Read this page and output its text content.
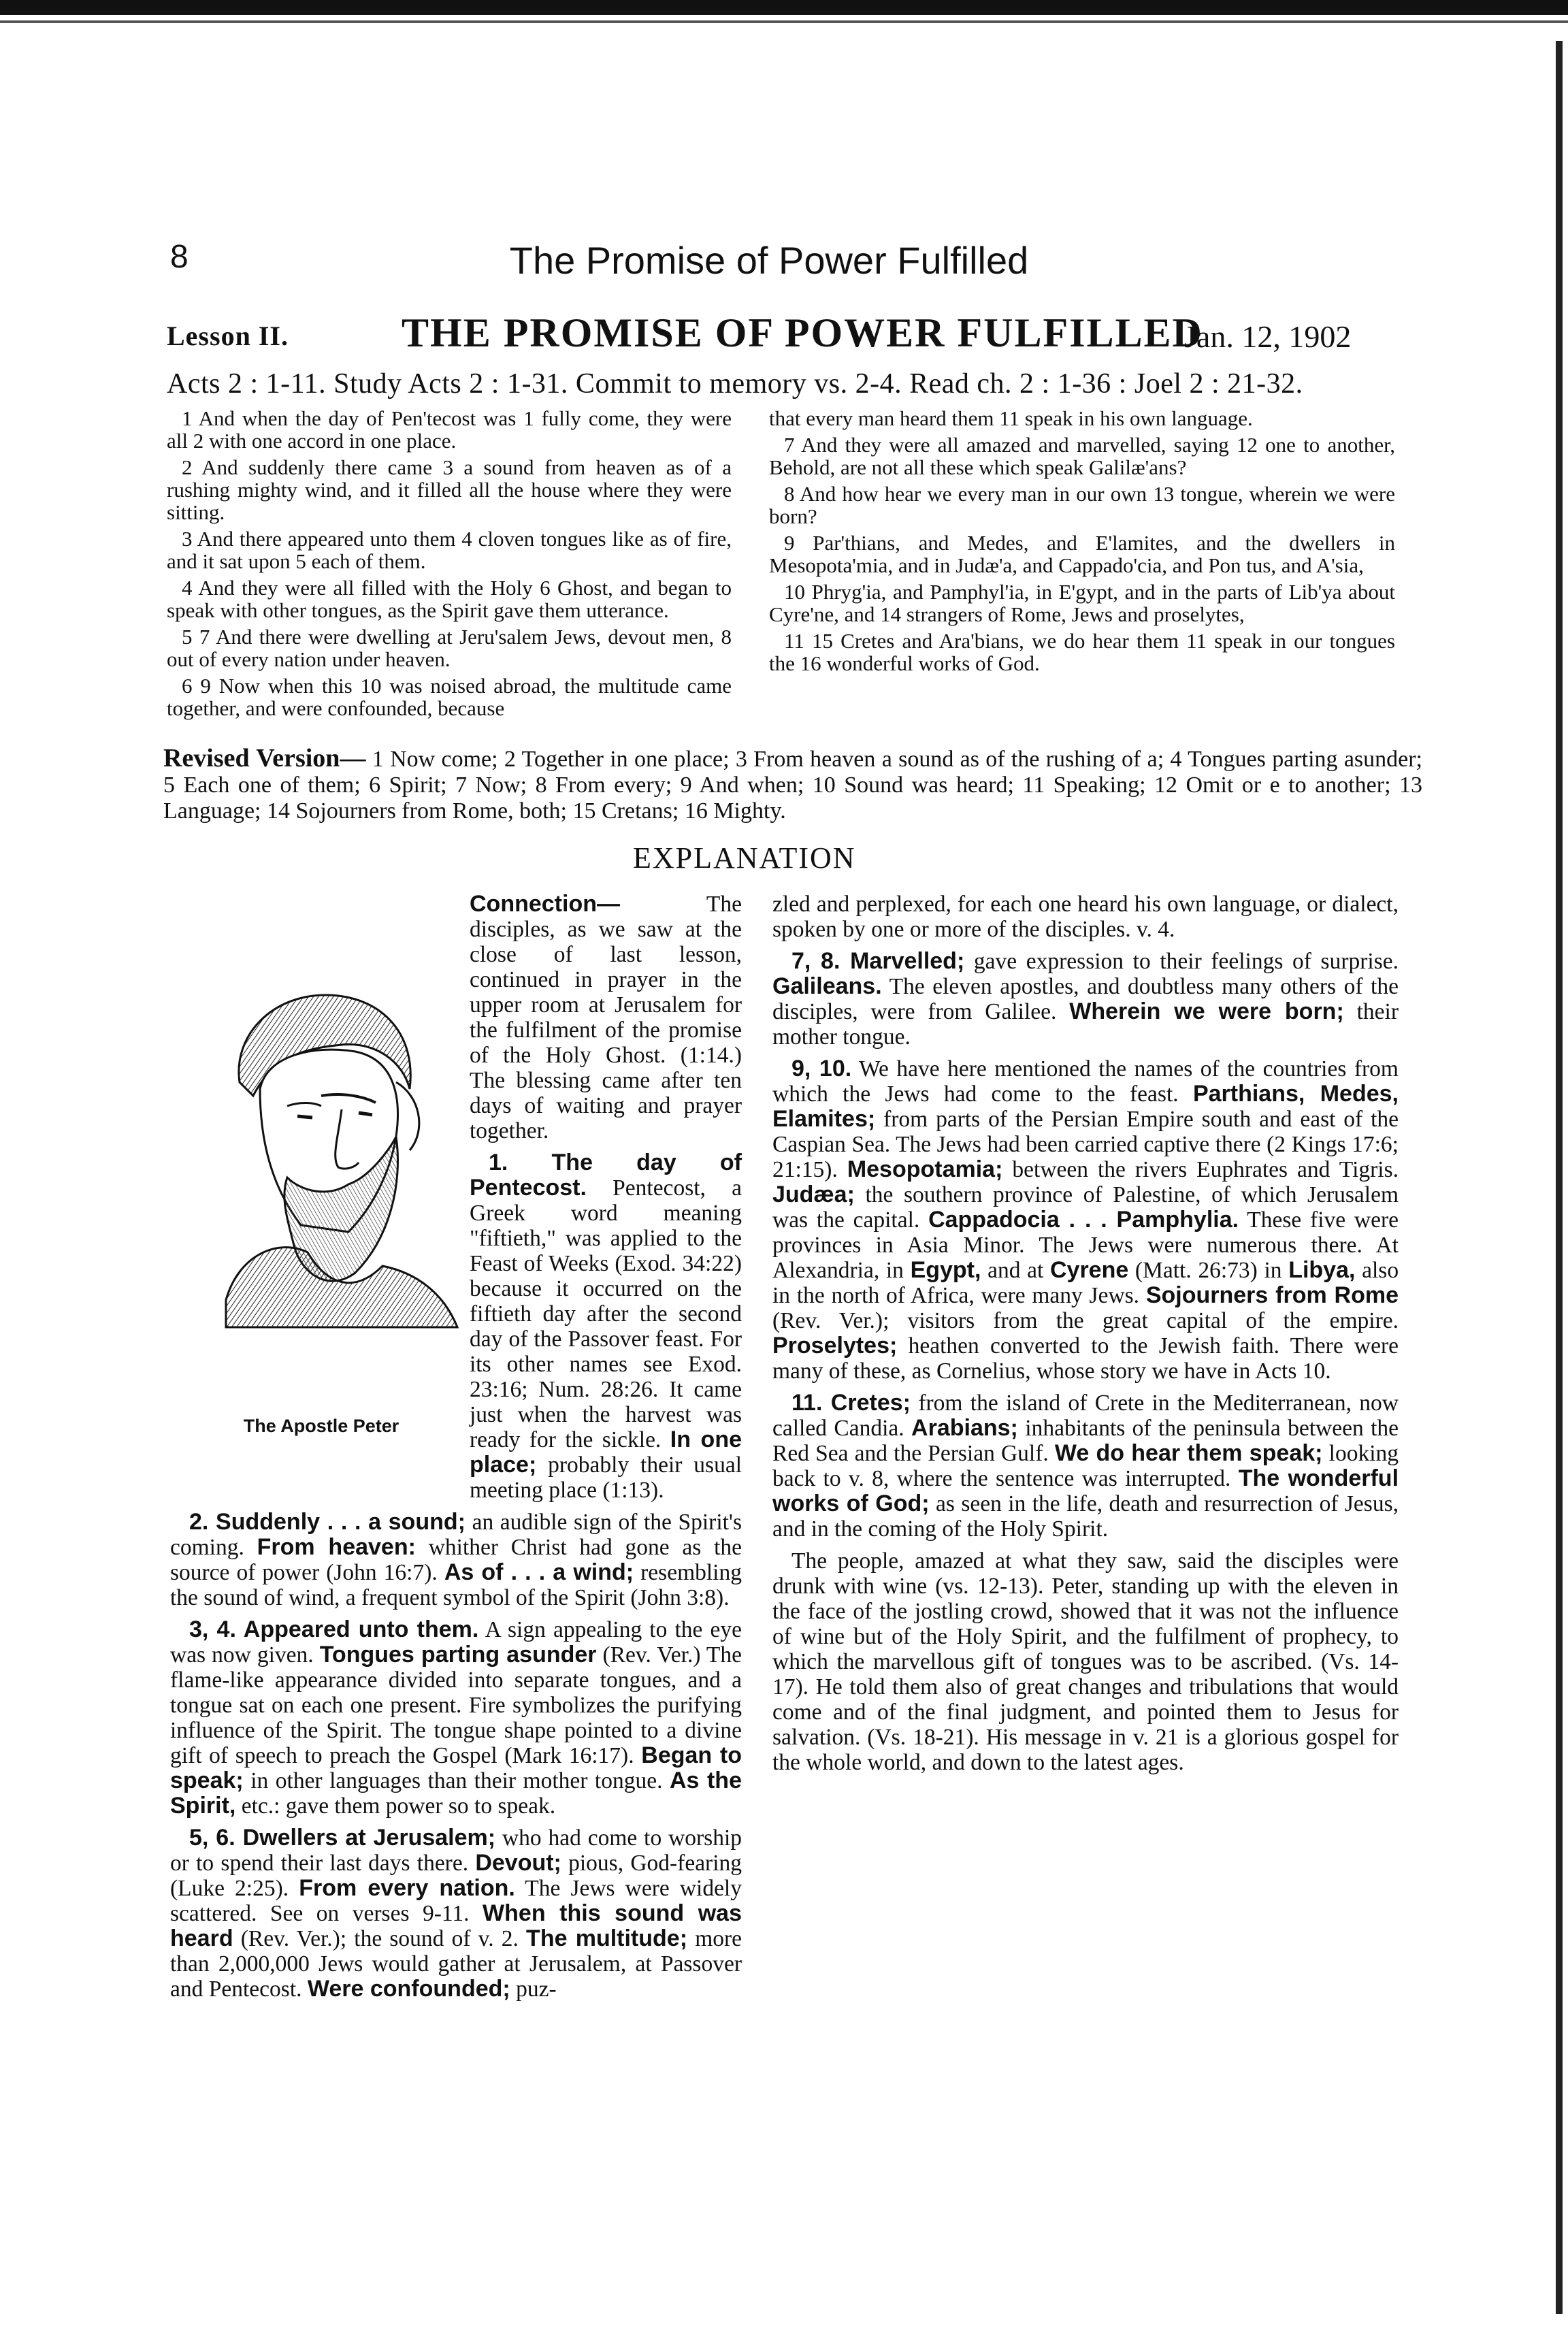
8	The Promise of Power Fulfilled
Lesson II.	THE PROMISE OF POWER FULFILLED
Jan. 12, 1902
Acts 2 : 1-11. Study Acts 2 : 1-31. Commit to memory vs. 2-4. Read ch. 2 : 1-36 : Joel 2 : 21-32.

1 And when the day of Pen'tecost was 1 fully come, they were all 2 with one accord in one place.

2 And suddenly there came 3 a sound from heaven as of a rushing mighty wind, and it filled all the house where they were sitting.

3 And there appeared unto them 4 cloven tongues like as of fire, and it sat upon 5 each of them.

4 And they were all filled with the Holy 6 Ghost, and began to speak with other tongues, as the Spirit gave them utterance.

5 7 And there were dwelling at Jeru'salem Jews, devout men, 8 out of every nation under heaven.

6 9 Now when this 10 was noised abroad, the multitude came together, and were confounded, because

that every man heard them 11 speak in his own language.

7 And they were all amazed and marvelled, saying 12 one to another, Behold, are not all these which speak Galilæ'ans?

8 And how hear we every man in our own 13 tongue, wherein we were born?

9 Par'thians, and Medes, and E'lamites, and the dwellers in Mesopota'mia, and in Judæ'a, and Cappado'cia, and Pon tus, and A'sia,

10 Phryg'ia, and Pamphyl'ia, in E'gypt, and in the parts of Lib'ya about Cyre'ne, and 14 strangers of Rome, Jews and proselytes,

11 15 Cretes and Ara'bians, we do hear them 11 speak in our tongues the 16 wonderful works of God.

Revised Version— 1 Now come; 2 Together in one place; 3 From heaven a sound as of the rushing of a; 4 Tongues parting asunder; 5 Each one of them; 6 Spirit; 7 Now; 8 From every; 9 And when; 10 Sound was heard; 11 Speaking; 12 Omit or e to another; 13 Language; 14 Sojourners from Rome, both; 15 Cretans; 16 Mighty.
EXPLANATION

Connection—	The disciples, as we saw at the close of last lesson, continued in prayer in the upper room at Jerusalem for the fulfilment of the promise of the Holy Ghost. (1:14.) The blessing came after ten days of waiting and prayer together.

1. The day of Pentecost. Pentecost, a Greek word meaning "fiftieth," was applied to the Feast of Weeks (Exod. 34:22) because it occurred on the fiftieth day after the second day of the Passover feast. For its other names see Exod. 23:16; Num. 28:26. It came just when the harvest was ready for the sickle. In one place; probably their usual meeting place (1:13).

2. Suddenly . . . a sound; an audible sign of the Spirit's coming. From heaven: whither Christ had gone as the source of power (John 16:7). As of . . . a wind; resembling the sound of wind, a frequent symbol of the Spirit (John 3:8).

3, 4. Appeared unto them. A sign appealing to the eye was now given. Tongues parting asunder (Rev. Ver.) The flame-like appearance divided into separate tongues, and a tongue sat on each one present. Fire symbolizes the purifying influence of the Spirit. The tongue shape pointed to a divine gift of speech to preach the Gospel (Mark 16:17). Began to speak; in other languages than their mother tongue. As the Spirit, etc.: gave them power so to speak.

5, 6. Dwellers at Jerusalem; who had come to worship or to spend their last days there. Devout; pious, God-fearing (Luke 2:25). From every nation. The Jews were widely scattered. See on verses 9-11. When this sound was heard (Rev. Ver.); the sound of v. 2. The multitude; more than 2,000,000 Jews would gather at Jerusalem, at Passover and Pentecost. Were confounded; puz-

The Apostle Peter

zled and perplexed, for each one heard his own language, or dialect, spoken by one or more of the disciples. v. 4.

7, 8. Marvelled; gave expression to their feelings of surprise. Galileans. The eleven apostles, and doubtless many others of the disciples, were from Galilee. Wherein we were born; their mother tongue.

9, 10. We have here mentioned the names of the countries from which the Jews had come to the feast. Parthians, Medes, Elamites; from parts of the Persian Empire south and east of the Caspian Sea. The Jews had been carried captive there (2 Kings 17:6; 21:15). Mesopotamia; between the rivers Euphrates and Tigris. Judæa; the southern province of Palestine, of which Jerusalem was the capital. Cappadocia . . . Pamphylia. These five were provinces in Asia Minor. The Jews were numerous there. At Alexandria, in Egypt, and at Cyrene (Matt. 26:73) in Libya, also in the north of Africa, were many Jews. Sojourners from Rome (Rev. Ver.); visitors from the great capital of the empire. Proselytes; heathen converted to the Jewish faith. There were many of these, as Cornelius, whose story we have in Acts 10.

11. Cretes; from the island of Crete in the Mediterranean, now called Candia. Arabians; inhabitants of the peninsula between the Red Sea and the Persian Gulf. We do hear them speak; looking back to v. 8, where the sentence was interrupted. The wonderful works of God; as seen in the life, death and resurrection of Jesus, and in the coming of the Holy Spirit.

The people, amazed at what they saw, said the disciples were drunk with wine (vs. 12-13). Peter, standing up with the eleven in the face of the jostling crowd, showed that it was not the influence of wine but of the Holy Spirit, and the fulfilment of prophecy, to which the marvellous gift of tongues was to be ascribed. (Vs. 14-17). He told them also of great changes and tribulations that would come and of the final judgment, and pointed them to Jesus for salvation. (Vs. 18-21). His message in v. 21 is a glorious gospel for the whole world, and down to the latest ages.
